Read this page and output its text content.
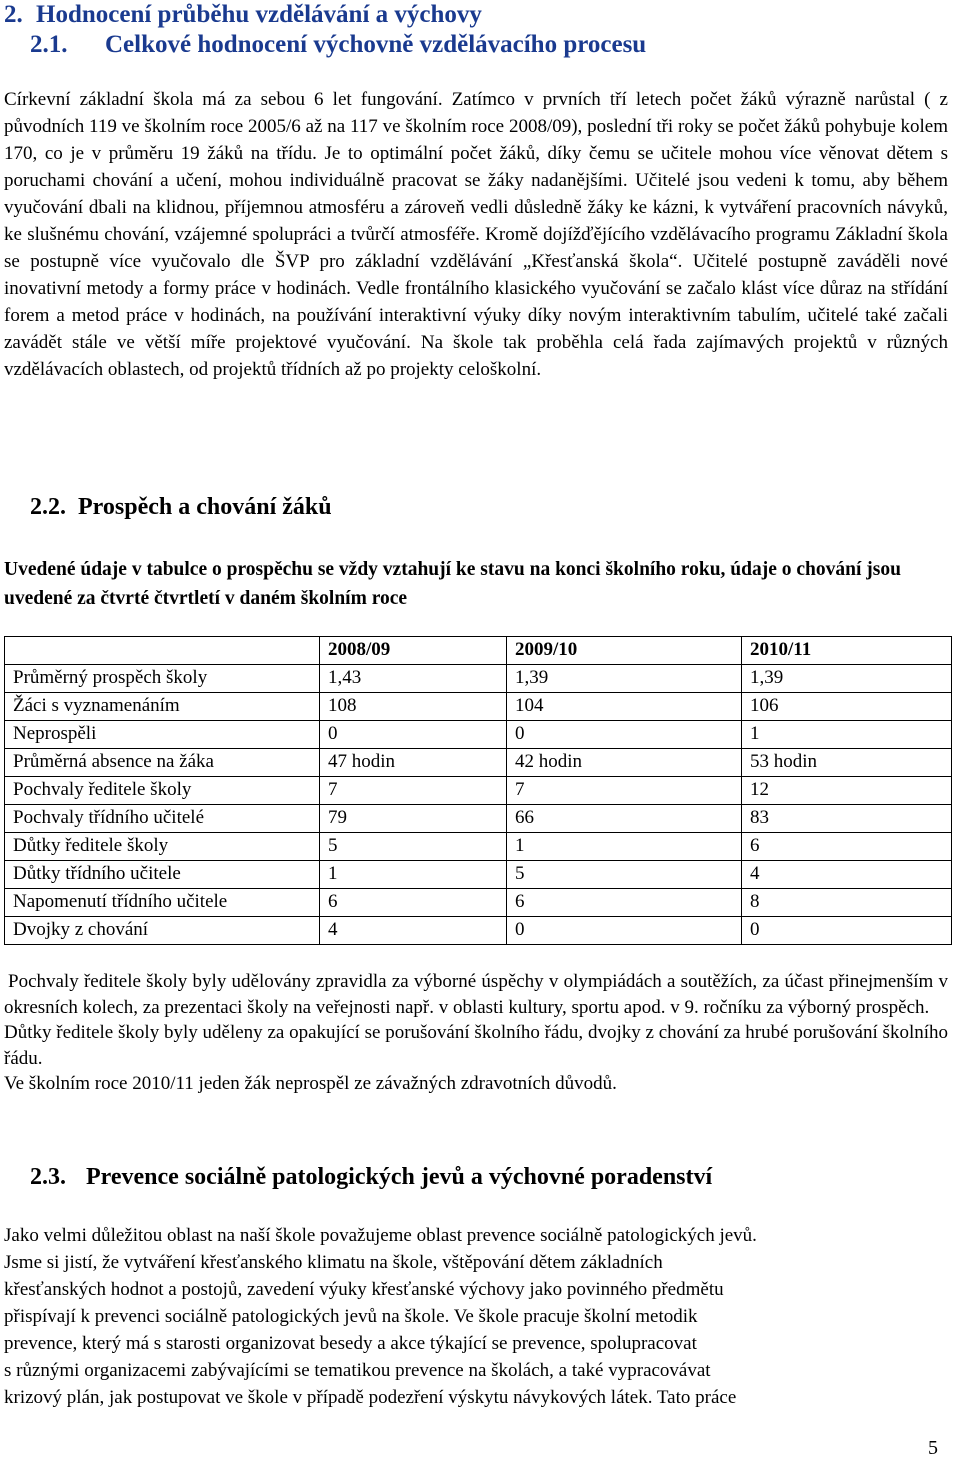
2. Hodnocení průběhu vzdělávání a výchovy
2.1. Celkové hodnocení výchovně vzdělávacího procesu

Církevní základní škola má za sebou 6 let fungování. Zatímco v prvních tří letech počet žáků výrazně narůstal ( z původních 119 ve školním roce 2005/6 až na 117 ve školním roce 2008/09), poslední tři roky se počet žáků pohybuje kolem 170, co je v průměru 19 žáků na třídu. Je to optimální počet žáků, díky čemu se učitele mohou více věnovat dětem s poruchami chování a učení, mohou individuálně pracovat se žáky nadanějšími. Učitelé jsou vedeni k tomu, aby během vyučování dbali na klidnou, příjemnou atmosféru a zároveň vedli důsledně žáky ke kázni, k vytváření pracovních návyků, ke slušnému chování, vzájemné spolupráci a tvůrčí atmosféře. Kromě dojížďějícího vzdělávacího programu Základní škola se postupně více vyučovalo dle ŠVP pro základní vzdělávání „Křesťanská škola“. Učitelé postupně zaváděli nové inovativní metody a formy práce v hodinách. Vedle frontálního klasického vyučování se začalo klást více důraz na střídání forem a metod práce v hodinách, na používání interaktivní výuky díky novým interaktivním tabulím, učitelé také začali zavádět stále ve větší míře projektové vyučování. Na škole tak proběhla celá řada zajímavých projektů v různých vzdělávacích oblastech, od projektů třídních až po projekty celoškolní.

2.2. Prospěch a chování žáků

Uvedené údaje v tabulce o prospěchu se vždy vztahují ke stavu na konci školního roku, údaje o chování jsou uvedené za čtvrté čtvrtletí v daném školním roce

	2008/09	2009/10	2010/11
Průměrný prospěch školy	1,43	1,39	1,39
Žáci s vyznamenáním	108	104	106
Neprospěli	0	0	1
Průměrná absence na žáka	47 hodin	42 hodin	53 hodin
Pochvaly ředitele školy	7	7	12
Pochvaly třídního učitelé	79	66	83
Důtky ředitele školy	5	1	6
Důtky třídního učitele	1	5	4
Napomenutí třídního učitele	6	6	8
Dvojky z chování	4	0	0
Pochvaly ředitele školy byly udělovány zpravidla za výborné úspěchy v olympiádách a soutěžích, za účast přinejmenším v okresních kolech, za prezentaci školy na veřejnosti např. v oblasti kultury, sportu apod. v 9. ročníku za výborný prospěch.
Důtky ředitele školy byly uděleny za opakující se porušování školního řádu, dvojky z chování za hrubé porušování školního řádu.
Ve školním roce 2010/11 jeden žák neprospěl ze závažných zdravotních důvodů.
2.3. Prevence sociálně patologických jevů a výchovné poradenství
Jako velmi důležitou oblast na naší škole považujeme oblast prevence sociálně patologických jevů.
Jsme si jistí, že vytváření křesťanského klimatu na škole, vštěpování dětem základních
křesťanských hodnot a postojů, zavedení výuky křesťanské výchovy jako povinného předmětu
přispívají k prevenci sociálně patologických jevů na škole. Ve škole pracuje školní metodik
prevence, který má s starosti organizovat besedy a akce týkající se prevence, spolupracovat
s různými organizacemi zabývajícími se tematikou prevence na školách, a také vypracovávat
krizový plán, jak postupovat ve škole v případě podezření výskytu návykových látek. Tato práce
5
